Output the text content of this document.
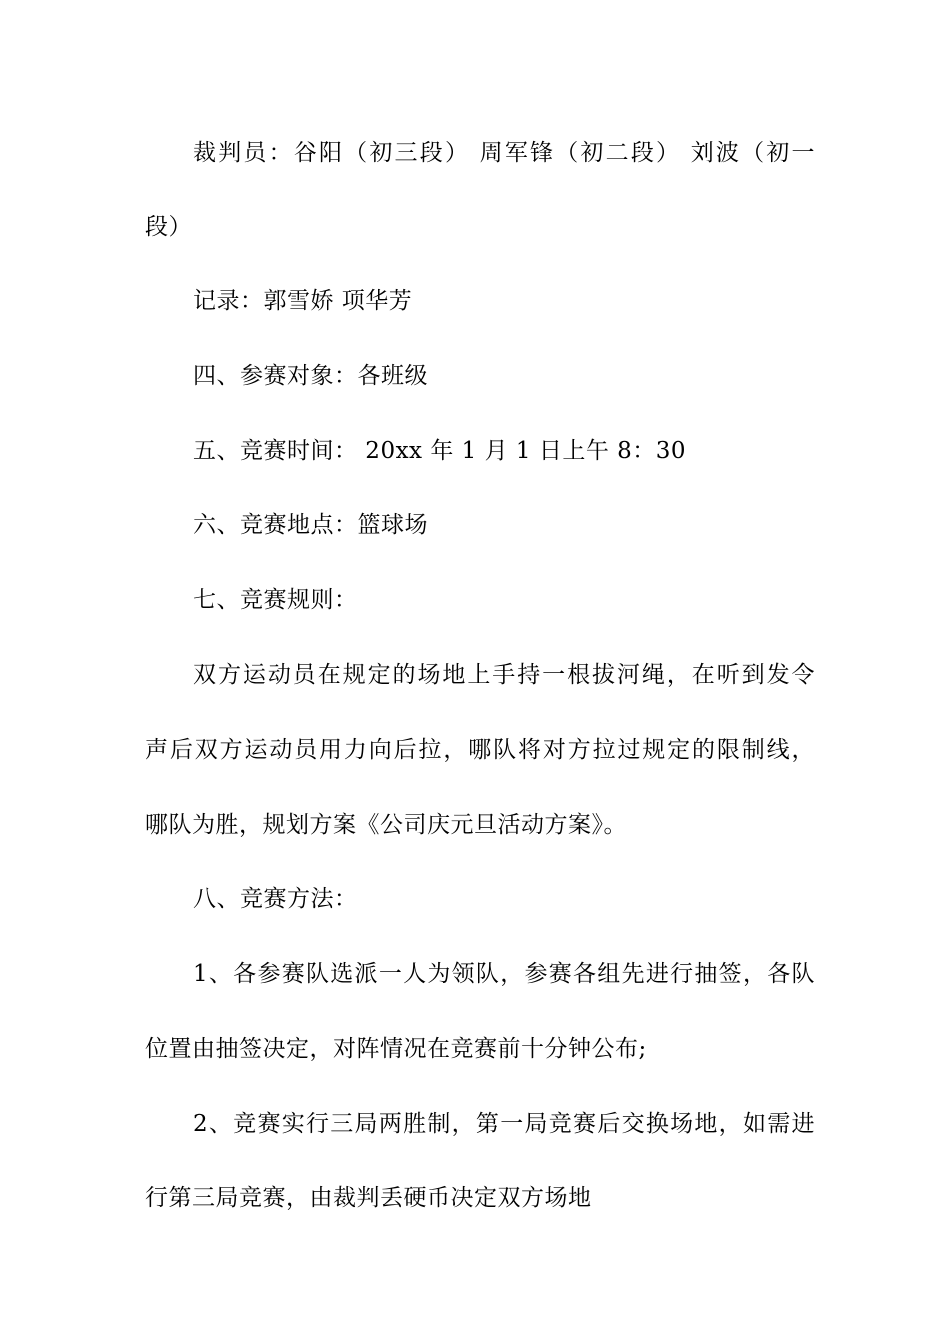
裁判员：谷阳（初三段） 周军锋（初二段） 刘波（初一
段）
记录：郭雪娇 项华芳
四、参赛对象：各班级
五、竞赛时间： 20xx 年 1 月 1 日上午 8：30
六、竞赛地点：篮球场
七、竞赛规则：
双方运动员在规定的场地上手持一根拔河绳，在听到发令
声后双方运动员用力向后拉，哪队将对方拉过规定的限制线，
哪队为胜，规划方案《公司庆元旦活动方案》。
八、竞赛方法：
1、各参赛队选派一人为领队，参赛各组先进行抽签，各队
位置由抽签决定，对阵情况在竞赛前十分钟公布;
2、竞赛实行三局两胜制，第一局竞赛后交换场地，如需进
行第三局竞赛，由裁判丢硬币决定双方场地
